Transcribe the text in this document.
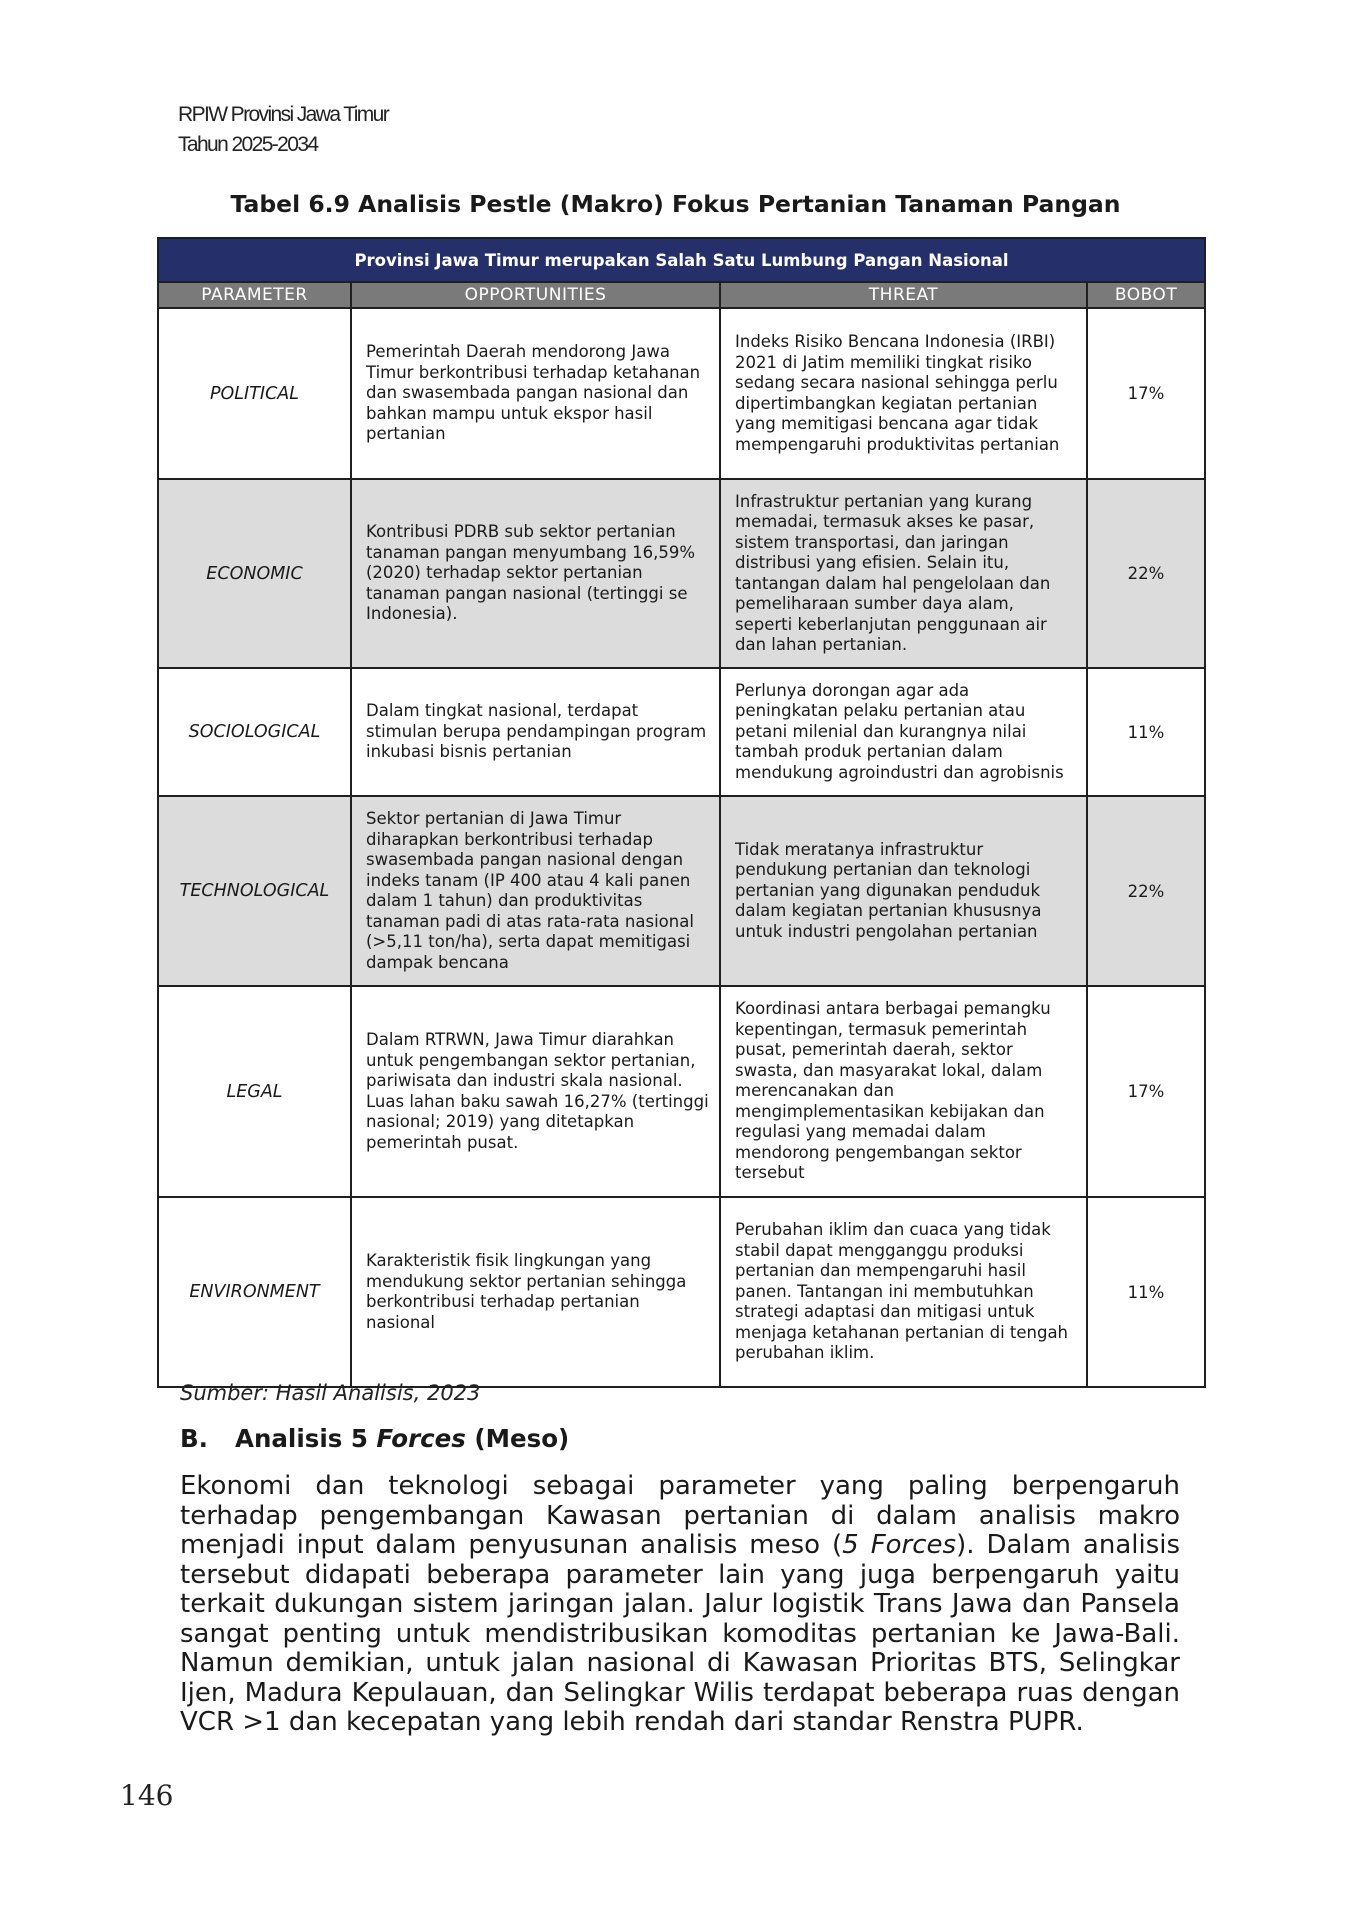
RPIW Provinsi Jawa Timur
Tahun 2025-2034
Tabel 6.9 Analisis Pestle (Makro) Fokus Pertanian Tanaman Pangan
Provinsi Jawa Timur merupakan Salah Satu Lumbung Pangan Nasional			
PARAMETER	OPPORTUNITIES	THREAT	BOBOT
POLITICAL	Pemerintah Daerah mendorong Jawa Timur berkontribusi terhadap ketahanan dan swasembada pangan nasional dan bahkan mampu untuk ekspor hasil pertanian	Indeks Risiko Bencana Indonesia (IRBI) 2021 di Jatim memiliki tingkat risiko sedang secara nasional sehingga perlu dipertimbangkan kegiatan pertanian yang memitigasi bencana agar tidak mempengaruhi produktivitas pertanian	17%
ECONOMIC	Kontribusi PDRB sub sektor pertanian tanaman pangan menyumbang 16,59% (2020) terhadap sektor pertanian tanaman pangan nasional (tertinggi se Indonesia).	Infrastruktur pertanian yang kurang memadai, termasuk akses ke pasar, sistem transportasi, dan jaringan distribusi yang efisien. Selain itu, tantangan dalam hal pengelolaan dan pemeliharaan sumber daya alam, seperti keberlanjutan penggunaan air dan lahan pertanian.	22%
SOCIOLOGICAL	Dalam tingkat nasional, terdapat stimulan berupa pendampingan program inkubasi bisnis pertanian	Perlunya dorongan agar ada peningkatan pelaku pertanian atau petani milenial dan kurangnya nilai tambah produk pertanian dalam mendukung agroindustri dan agrobisnis	11%
TECHNOLOGICAL	Sektor pertanian di Jawa Timur diharapkan berkontribusi terhadap swasembada pangan nasional dengan indeks tanam (IP 400 atau 4 kali panen dalam 1 tahun) dan produktivitas tanaman padi di atas rata-rata nasional (>5,11 ton/ha), serta dapat memitigasi dampak bencana	Tidak meratanya infrastruktur pendukung pertanian dan teknologi pertanian yang digunakan penduduk dalam kegiatan pertanian khususnya untuk industri pengolahan pertanian	22%
LEGAL	Dalam RTRWN, Jawa Timur diarahkan untuk pengembangan sektor pertanian, pariwisata dan industri skala nasional. Luas lahan baku sawah 16,27% (tertinggi nasional; 2019) yang ditetapkan pemerintah pusat.	Koordinasi antara berbagai pemangku kepentingan, termasuk pemerintah pusat, pemerintah daerah, sektor swasta, dan masyarakat lokal, dalam merencanakan dan mengimplementasikan kebijakan dan regulasi yang memadai dalam mendorong pengembangan sektor tersebut	17%
ENVIRONMENT	Karakteristik fisik lingkungan yang mendukung sektor pertanian sehingga berkontribusi terhadap pertanian nasional	Perubahan iklim dan cuaca yang tidak stabil dapat mengganggu produksi pertanian dan mempengaruhi hasil panen. Tantangan ini membutuhkan strategi adaptasi dan mitigasi untuk menjaga ketahanan pertanian di tengah perubahan iklim.	11%
Sumber: Hasil Analisis, 2023
B. Analisis 5 Forces (Meso)
Ekonomi dan teknologi sebagai parameter yang paling berpengaruh terhadap pengembangan Kawasan pertanian di dalam analisis makro menjadi input dalam penyusunan analisis meso (5 Forces). Dalam analisis tersebut didapati beberapa parameter lain yang juga berpengaruh yaitu terkait dukungan sistem jaringan jalan. Jalur logistik Trans Jawa dan Pansela sangat penting untuk mendistribusikan komoditas pertanian ke Jawa-Bali. Namun demikian, untuk jalan nasional di Kawasan Prioritas BTS, Selingkar Ijen, Madura Kepulauan, dan Selingkar Wilis terdapat beberapa ruas dengan VCR >1 dan kecepatan yang lebih rendah dari standar Renstra PUPR.
146
